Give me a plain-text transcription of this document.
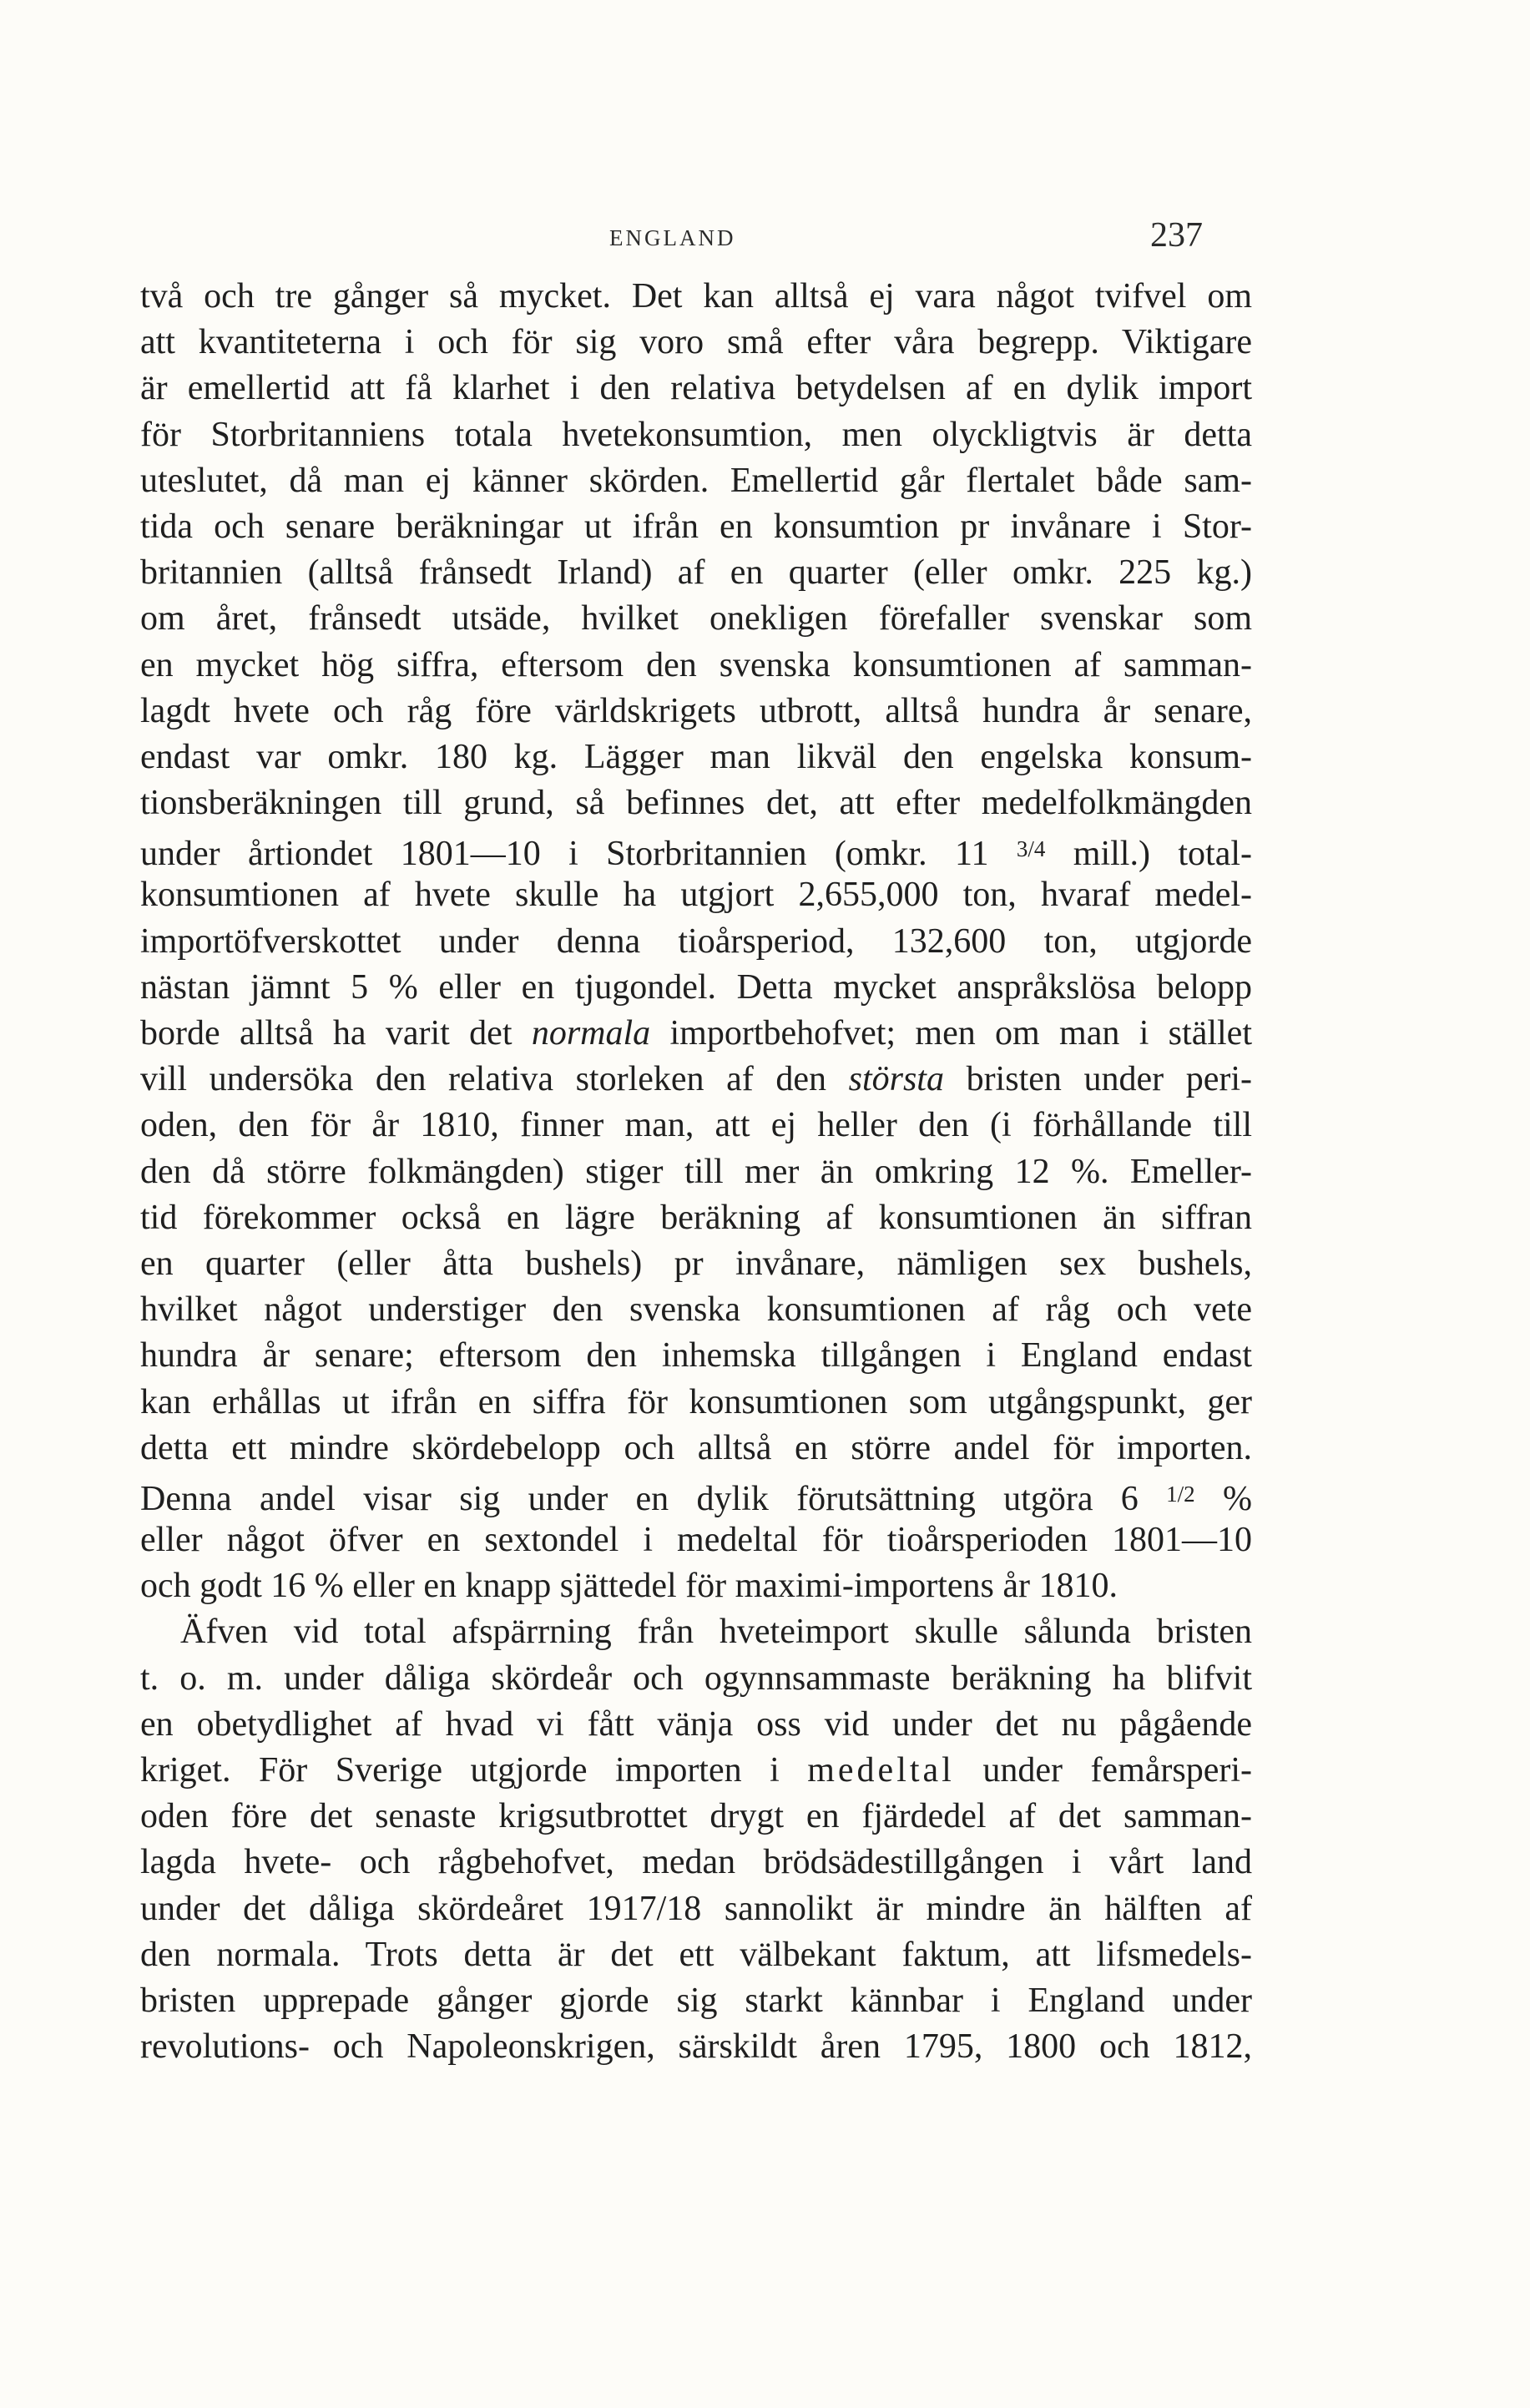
ENGLAND	237
två och tre gånger så mycket. Det kan alltså ej vara något tvifvel om
att kvantiteterna i och för sig voro små efter våra begrepp. Viktigare
är emellertid att få klarhet i den relativa betydelsen af en dylik import
för Storbritanniens totala hvetekonsumtion, men olyckligtvis är detta
uteslutet, då man ej känner skörden. Emellertid går flertalet både sam-
tida och senare beräkningar ut ifrån en konsumtion pr invånare i Stor-
britannien (alltså frånsedt Irland) af en quarter (eller omkr. 225 kg.)
om året, frånsedt utsäde, hvilket onekligen förefaller svenskar som
en mycket hög siffra, eftersom den svenska konsumtionen af samman-
lagdt hvete och råg före världskrigets utbrott, alltså hundra år senare,
endast var omkr. 180 kg. Lägger man likväl den engelska konsum-
tionsberäkningen till grund, så befinnes det, att efter medelfolkmängden
under årtiondet 1801—10 i Storbritannien (omkr. 11 $^{3/4}$ mill.) total-
konsumtionen af hvete skulle ha utgjort 2,655,000 ton, hvaraf medel-
importöfverskottet under denna tioårsperiod, 132,600 ton, utgjorde
nästan jämnt 5 % eller en tjugondel. Detta mycket anspråkslösa belopp
borde alltså ha varit det normala importbehofvet; men om man i stället
vill undersöka den relativa storleken af den största bristen under peri-
oden, den för år 1810, finner man, att ej heller den (i förhållande till
den då större folkmängden) stiger till mer än omkring 12 %. Emeller-
tid förekommer också en lägre beräkning af konsumtionen än siffran
en quarter (eller åtta bushels) pr invånare, nämligen sex bushels,
hvilket något understiger den svenska konsumtionen af råg och vete
hundra år senare; eftersom den inhemska tillgången i England endast
kan erhållas ut ifrån en siffra för konsumtionen som utgångspunkt, ger
detta ett mindre skördebelopp och alltså en större andel för importen.
Denna andel visar sig under en dylik förutsättning utgöra 6 $^{1/2}$ %
eller något öfver en sextondel i medeltal för tioårsperioden 1801—10
och godt 16 % eller en knapp sjättedel för maximi-importens år 1810.
Äfven vid total afspärrning från hveteimport skulle sålunda bristen
t. o. m. under dåliga skördeår och ogynnsammaste beräkning ha blifvit
en obetydlighet af hvad vi fått vänja oss vid under det nu pågående
kriget. För Sverige utgjorde importen i medeltal under femårsperi-
oden före det senaste krigsutbrottet drygt en fjärdedel af det samman-
lagda hvete- och rågbehofvet, medan brödsädestillgången i vårt land
under det dåliga skördeåret 1917/18 sannolikt är mindre än hälften af
den normala. Trots detta är det ett välbekant faktum, att lifsmedels-
bristen upprepade gånger gjorde sig starkt kännbar i England under
revolutions- och Napoleonskrigen, särskildt åren 1795, 1800 och 1812,
